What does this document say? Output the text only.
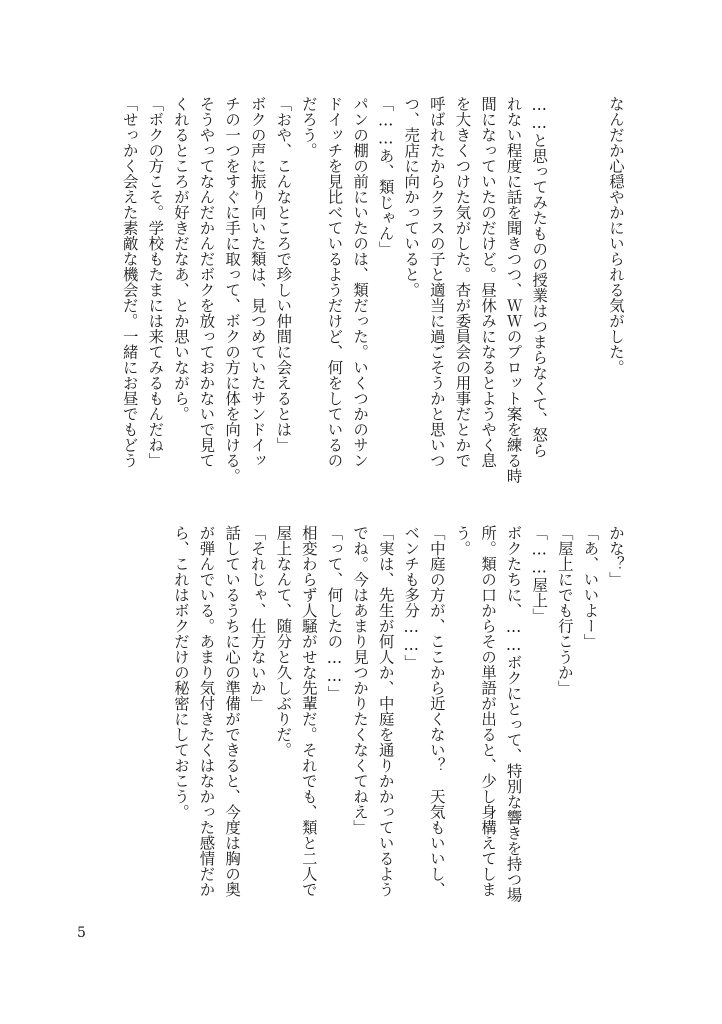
なんだか心穏やかにいられる気がした。

……と思ってみたものの授業はつまらなくて、怒ら
れない程度に話を聞きつつ、ＷＷのプロット案を練る時
間になっていたのだけど。昼休みになるとようやく息
を大きくつけた気がした。杏が委員会の用事だとかで
呼ばれたからクラスの子と適当に過ごそうかと思いつ
つ、売店に向かっていると。
「……あ、類じゃん」
パンの棚の前にいたのは、類だった。いくつかのサン
ドイッチを見比べているようだけど、何をしているの
だろう。
「おや、こんなところで珍しい仲間に会えるとは」
ボクの声に振り向いた類は、見つめていたサンドイッ
チの一つをすぐに手に取って、ボクの方に体を向ける。
そうやってなんだかんだボクを放っておかないで見て
くれるところが好きだなあ、とか思いながら。
「ボクの方こそ。学校もたまには来てみるもんだね」
「せっかく会えた素敵な機会だ。一緒にお昼でもどう
かな？」
「あ、いいよー」
「屋上にでも行こうか」
「……屋上」
ボクたちに、……ボクにとって、特別な響きを持つ場
所。類の口からその単語が出ると、少し身構えてしま
う。
「中庭の方が、ここから近くない？　天気もいいし、
ベンチも多分……」
「実は、先生が何人か、中庭を通りかかっているよう
でね。今はあまり見つかりたくなくてねえ」
「って、何したの……」
相変わらず人騒がせな先輩だ。それでも、類と二人で
屋上なんて、随分と久しぶりだ。
「それじゃ、仕方ないか」
話しているうちに心の準備ができると、今度は胸の奥
が弾んでいる。あまり気付きたくはなかった感情だか
ら、これはボクだけの秘密にしておこう。
5
